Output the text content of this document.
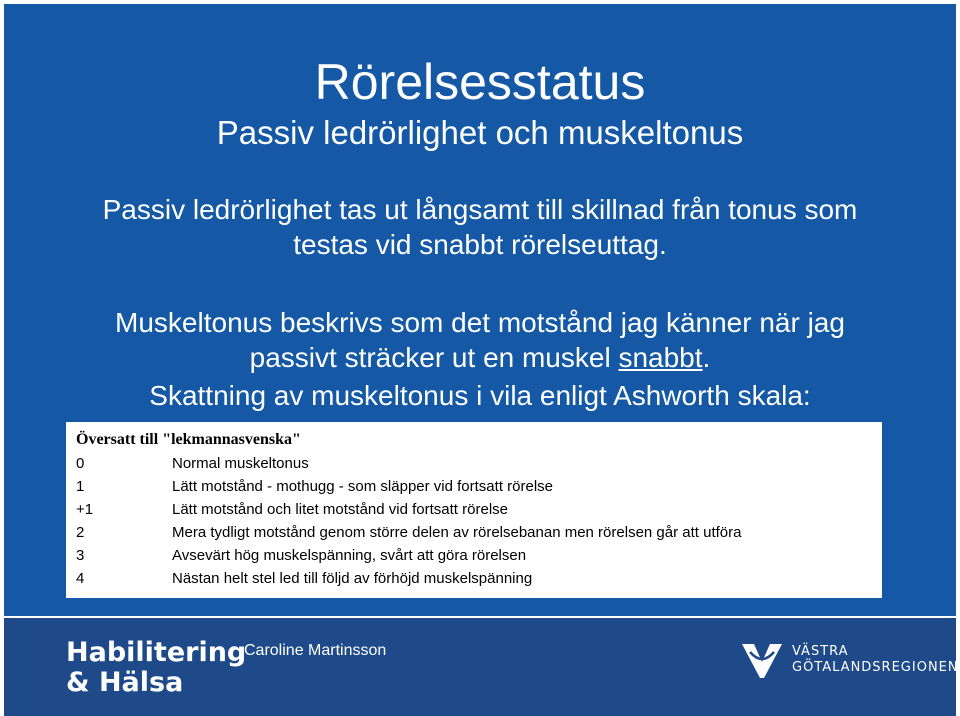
Rörelsesstatus
Passiv ledrörlighet och muskeltonus
Passiv ledrörlighet tas ut långsamt till skillnad från tonus som
testas vid snabbt rörelseuttag.
Muskeltonus beskrivs som det motstånd jag känner när jag
passivt sträcker ut en muskel snabbt.
Skattning av muskeltonus i vila enligt Ashworth skala:
Översatt till "lekmannasvenska"
0	Normal muskeltonus
1	Lätt motstånd - mothugg - som släpper vid fortsatt rörelse
+1	Lätt motstånd och litet motstånd vid fortsatt rörelse
2	Mera tydligt motstånd genom större delen av rörelsebanan men rörelsen går att utföra
3	Avsevärt hög muskelspänning, svårt att göra rörelsen
4	Nästan helt stel led till följd av förhöjd muskelspänning
Habilitering
& Hälsa
Caroline Martinsson	VÄSTRA
GÖTALANDSREGIONEN
